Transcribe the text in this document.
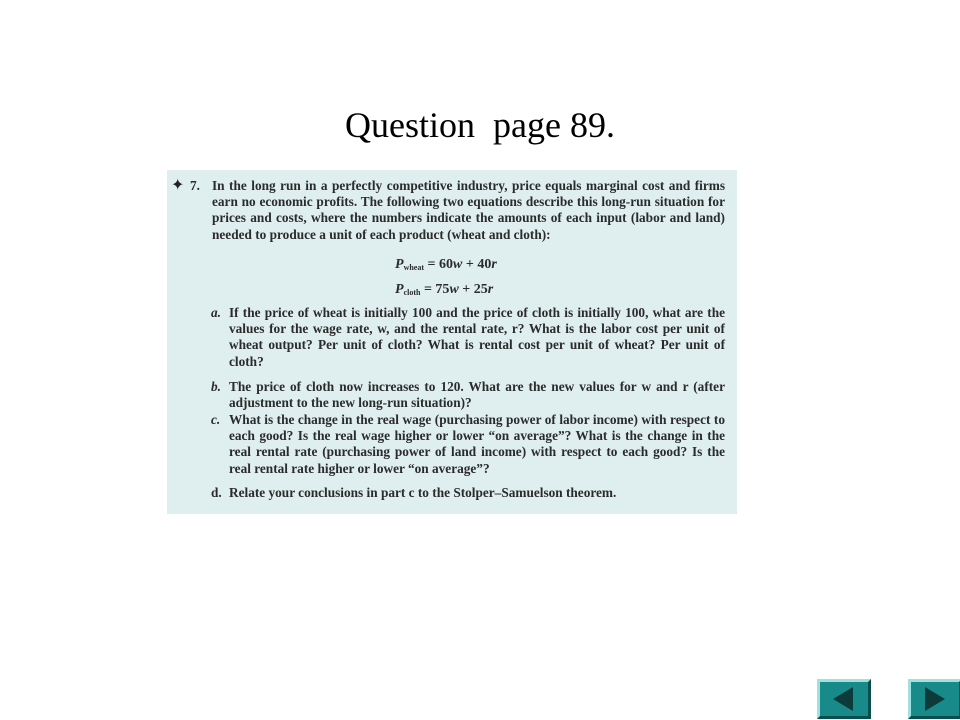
Question  page 89.
✦ 7. In the long run in a perfectly competitive industry, price equals marginal cost and firms earn no economic profits. The following two equations describe this long-run situation for prices and costs, where the numbers indicate the amounts of each input (labor and land) needed to produce a unit of each product (wheat and cloth):
$P_{wheat} = 60w + 40r$
$P_{cloth} = 75w + 25r$
a. If the price of wheat is initially 100 and the price of cloth is initially 100, what are the values for the wage rate, w, and the rental rate, r? What is the labor cost per unit of wheat output? Per unit of cloth? What is rental cost per unit of wheat? Per unit of cloth?
b. The price of cloth now increases to 120. What are the new values for w and r (after adjustment to the new long-run situation)?
c. What is the change in the real wage (purchasing power of labor income) with respect to each good? Is the real wage higher or lower “on average”? What is the change in the real rental rate (purchasing power of land income) with respect to each good? Is the real rental rate higher or lower “on average”?
d. Relate your conclusions in part c to the Stolper–Samuelson theorem.
